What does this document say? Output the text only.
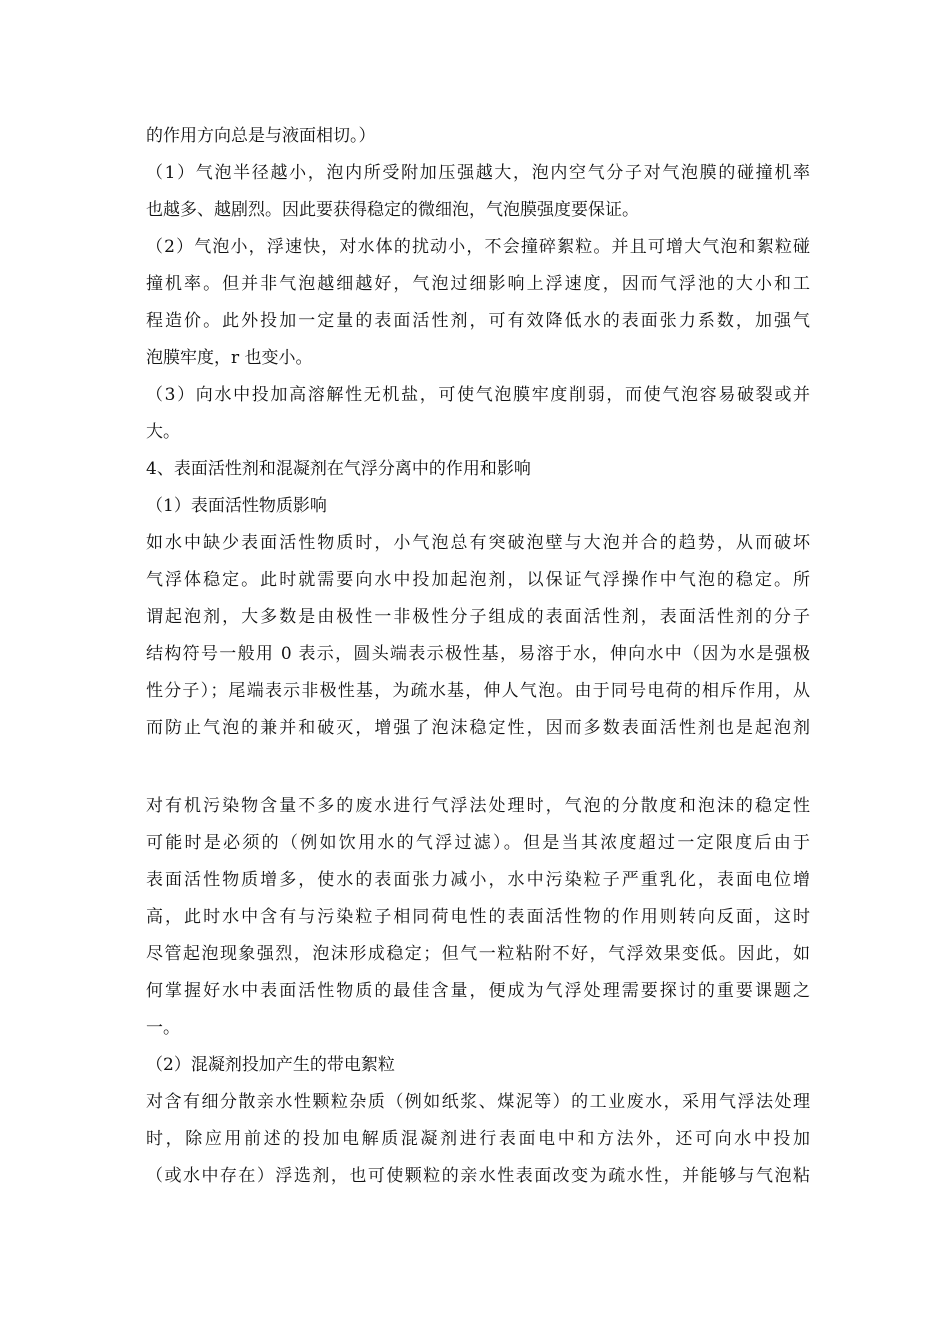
的作用方向总是与液面相切。）
（1）气泡半径越小，泡内所受附加压强越大，泡内空气分子对气泡膜的碰撞机率
也越多、越剧烈。因此要获得稳定的微细泡，气泡膜强度要保证。
（2）气泡小，浮速快，对水体的扰动小，不会撞碎絮粒。并且可增大气泡和絮粒碰
撞机率。但并非气泡越细越好，气泡过细影响上浮速度，因而气浮池的大小和工
程造价。此外投加一定量的表面活性剂，可有效降低水的表面张力系数，加强气
泡膜牢度，r 也变小。
（3）向水中投加高溶解性无机盐，可使气泡膜牢度削弱，而使气泡容易破裂或并
大。
4、表面活性剂和混凝剂在气浮分离中的作用和影响
（1）表面活性物质影响
如水中缺少表面活性物质时，小气泡总有突破泡壁与大泡并合的趋势，从而破坏
气浮体稳定。此时就需要向水中投加起泡剂，以保证气浮操作中气泡的稳定。所
谓起泡剂，大多数是由极性一非极性分子组成的表面活性剂，表面活性剂的分子
结构符号一般用 0 表示，圆头端表示极性基，易溶于水，伸向水中（因为水是强极
性分子）；尾端表示非极性基，为疏水基，伸人气泡。由于同号电荷的相斥作用，从
而防止气泡的兼并和破灭，增强了泡沫稳定性，因而多数表面活性剂也是起泡剂
对有机污染物含量不多的废水进行气浮法处理时，气泡的分散度和泡沫的稳定性
可能时是必须的（例如饮用水的气浮过滤）。但是当其浓度超过一定限度后由于
表面活性物质增多，使水的表面张力减小，水中污染粒子严重乳化，表面电位增
高，此时水中含有与污染粒子相同荷电性的表面活性物的作用则转向反面，这时
尽管起泡现象强烈，泡沫形成稳定；但气一粒粘附不好，气浮效果变低。因此，如
何掌握好水中表面活性物质的最佳含量，便成为气浮处理需要探讨的重要课题之
一。
（2）混凝剂投加产生的带电絮粒
对含有细分散亲水性颗粒杂质（例如纸浆、煤泥等）的工业废水，采用气浮法处理
时，除应用前述的投加电解质混凝剂进行表面电中和方法外，还可向水中投加
（或水中存在）浮选剂，也可使颗粒的亲水性表面改变为疏水性，并能够与气泡粘
